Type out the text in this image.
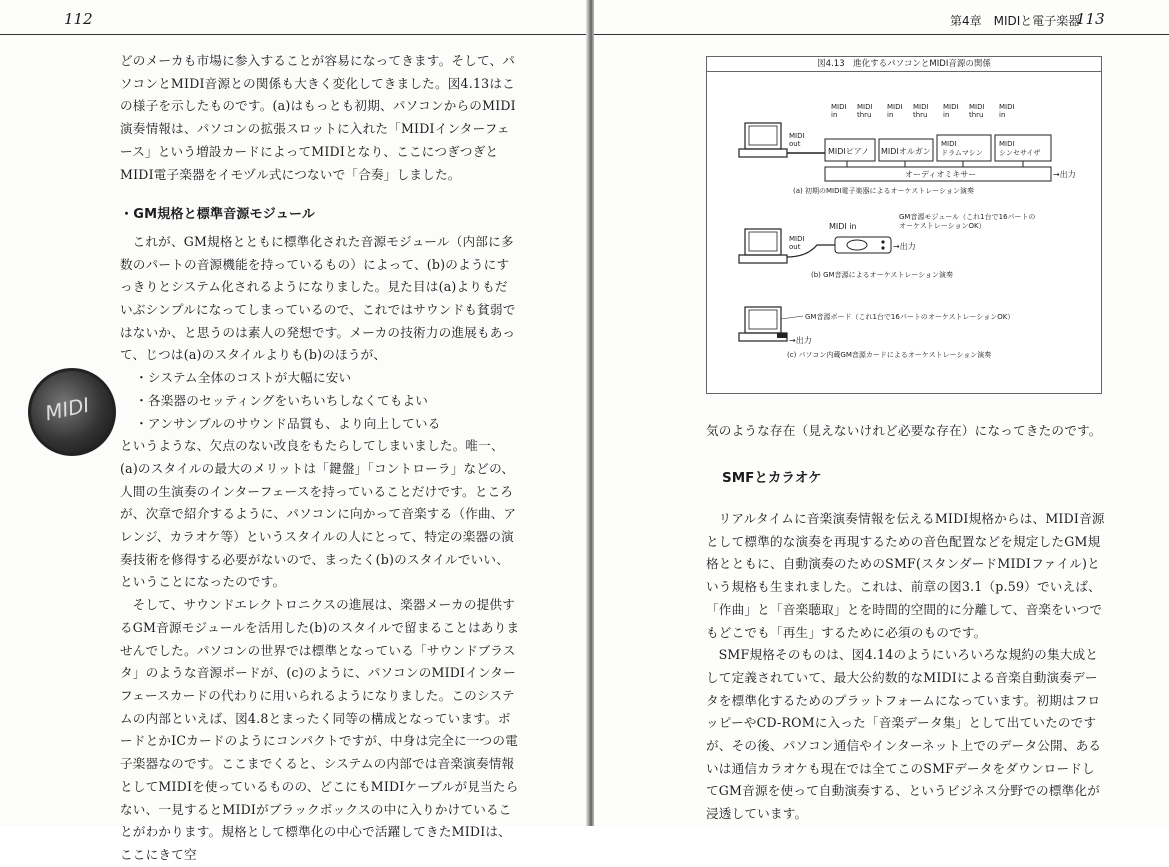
112

どのメーカも市場に参入することが容易になってきます。そして、パソコンとMIDI音源との関係も大きく変化してきました。図4.13はこの様子を示したものです。(a)はもっとも初期、パソコンからのMIDI演奏情報は、パソコンの拡張スロットに入れた「MIDIインターフェース」という増設カードによってMIDIとなり、ここにつぎつぎとMIDI電子楽器をイモヅル式につないで「合奏」しました。

・GM規格と標準音源モジュール

これが、GM規格とともに標準化された音源モジュール（内部に多数のパートの音源機能を持っているもの）によって、(b)のようにすっきりとシステム化されるようになりました。見た目は(a)よりもだいぶシンプルになってしまっているので、これではサウンドも貧弱ではないか、と思うのは素人の発想です。メーカの技術力の進展もあって、じつは(a)のスタイルよりも(b)のほうが、

・システム全体のコストが大幅に安い

・各楽器のセッティングをいちいちしなくてもよい

・アンサンブルのサウンド品質も、より向上している

というような、欠点のない改良をもたらしてしまいました。唯一、(a)のスタイルの最大のメリットは「鍵盤」「コントローラ」などの、人間の生演奏のインターフェースを持っていることだけです。ところが、次章で紹介するように、パソコンに向かって音楽する（作曲、アレンジ、カラオケ等）というスタイルの人にとって、特定の楽器の演奏技術を修得する必要がないので、まったく(b)のスタイルでいい、ということになったのです。

そして、サウンドエレクトロニクスの進展は、楽器メーカの提供するGM音源モジュールを活用した(b)のスタイルで留まることはありませんでした。パソコンの世界では標準となっている「サウンドブラスタ」のような音源ボードが、(c)のように、パソコンのMIDIインターフェースカードの代わりに用いられるようになりました。このシステムの内部といえば、図4.8とまったく同等の構成となっています。ボードとかICカードのようにコンパクトですが、中身は完全に一つの電子楽器なのです。ここまでくると、システムの内部では音楽演奏情報としてMIDIを使っているものの、どこにもMIDIケーブルが見当たらない、一見するとMIDIがブラックボックスの中に入りかけていることがわかります。規格として標準化の中心で活躍してきたMIDIは、ここにきて空

MIDI
第4章　MIDIと電子楽器
113
図4.13　進化するパソコンとMIDI音源の関係
MIDI out
MIDI in
MIDI thru
MIDI in
MIDI thru
MIDI in
MIDI thru
MIDI in
MIDIピアノ MIDIオルガン
MIDI ドラムマシン
MIDI シンセサイザ
オーディオミキサー	→出力
(a) 初期のMIDI電子楽器によるオーケストレーション演奏
MIDI out
MIDI in
GM音源モジュール（これ1台で16パートのオーケストレーションOK）
→出力
(b) GM音源によるオーケストレーション演奏
GM音源ボード（これ1台で16パートのオーケストレーションOK）
→出力
(c) パソコン内蔵GM音源カードによるオーケストレーション演奏

気のような存在（見えないけれど必要な存在）になってきたのです。

SMFとカラオケ

リアルタイムに音楽演奏情報を伝えるMIDI規格からは、MIDI音源として標準的な演奏を再現するための音色配置などを規定したGM規格とともに、自動演奏のためのSMF(スタンダードMIDIファイル)という規格も生まれました。これは、前章の図3.1（p.59）でいえば、「作曲」と「音楽聴取」とを時間的空間的に分離して、音楽をいつでもどこでも「再生」するために必須のものです。

SMF規格そのものは、図4.14のようにいろいろな規約の集大成として定義されていて、最大公約数的なMIDIによる音楽自動演奏データを標準化するためのプラットフォームになっています。初期はフロッピーやCD-ROMに入った「音楽データ集」として出ていたのですが、その後、パソコン通信やインターネット上でのデータ公開、あるいは通信カラオケも現在では全てこのSMFデータをダウンロードしてGM音源を使って自動演奏する、というビジネス分野での標準化が浸透しています。
